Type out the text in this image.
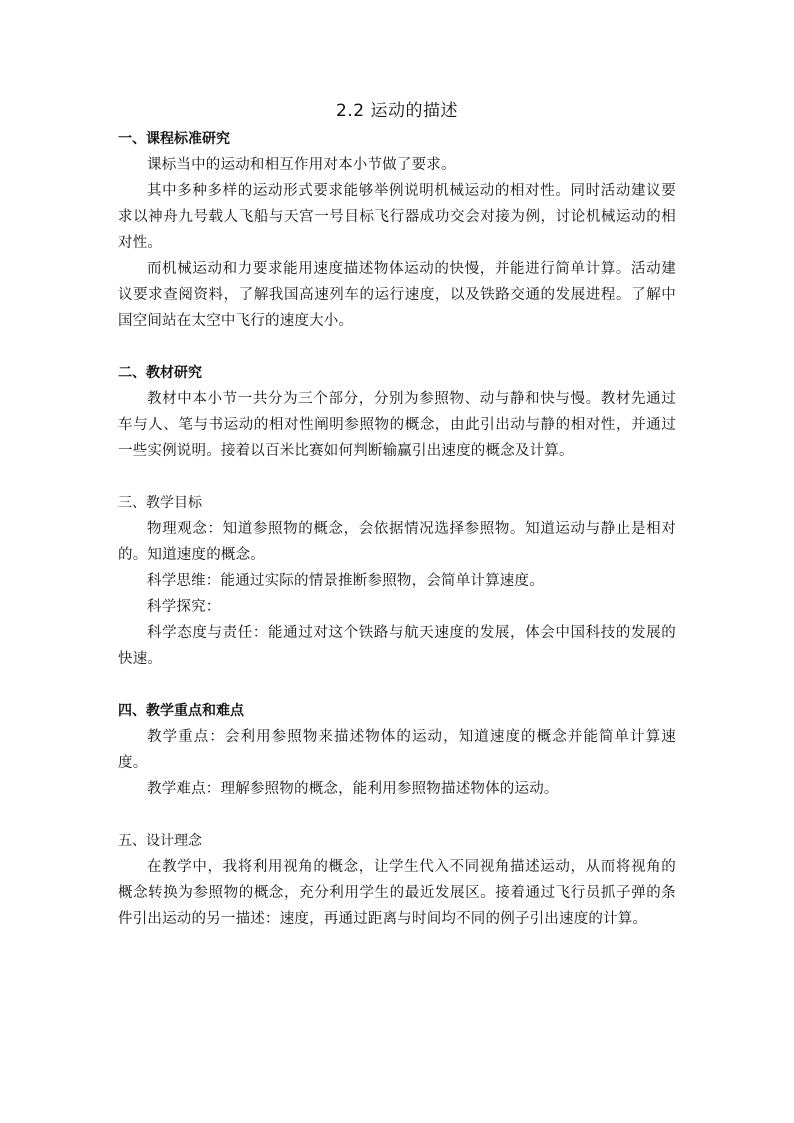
2.2 运动的描述
一、课程标准研究

课标当中的运动和相互作用对本小节做了要求。

其中多种多样的运动形式要求能够举例说明机械运动的相对性。同时活动建议要求以神舟九号载人飞船与天宫一号目标飞行器成功交会对接为例，讨论机械运动的相对性。

而机械运动和力要求能用速度描述物体运动的快慢，并能进行简单计算。活动建议要求查阅资料，了解我国高速列车的运行速度，以及铁路交通的发展进程。了解中国空间站在太空中飞行的速度大小。

二、教材研究

教材中本小节一共分为三个部分，分别为参照物、动与静和快与慢。教材先通过车与人、笔与书运动的相对性阐明参照物的概念，由此引出动与静的相对性，并通过一些实例说明。接着以百米比赛如何判断输赢引出速度的概念及计算。

三、教学目标

物理观念：知道参照物的概念，会依据情况选择参照物。知道运动与静止是相对的。知道速度的概念。

科学思维：能通过实际的情景推断参照物，会简单计算速度。

科学探究：

科学态度与责任：能通过对这个铁路与航天速度的发展，体会中国科技的发展的快速。

四、教学重点和难点

教学重点：会利用参照物来描述物体的运动，知道速度的概念并能简单计算速度。

教学难点：理解参照物的概念，能利用参照物描述物体的运动。

五、设计理念

在教学中，我将利用视角的概念，让学生代入不同视角描述运动，从而将视角的概念转换为参照物的概念，充分利用学生的最近发展区。接着通过飞行员抓子弹的条件引出运动的另一描述：速度，再通过距离与时间均不同的例子引出速度的计算。
